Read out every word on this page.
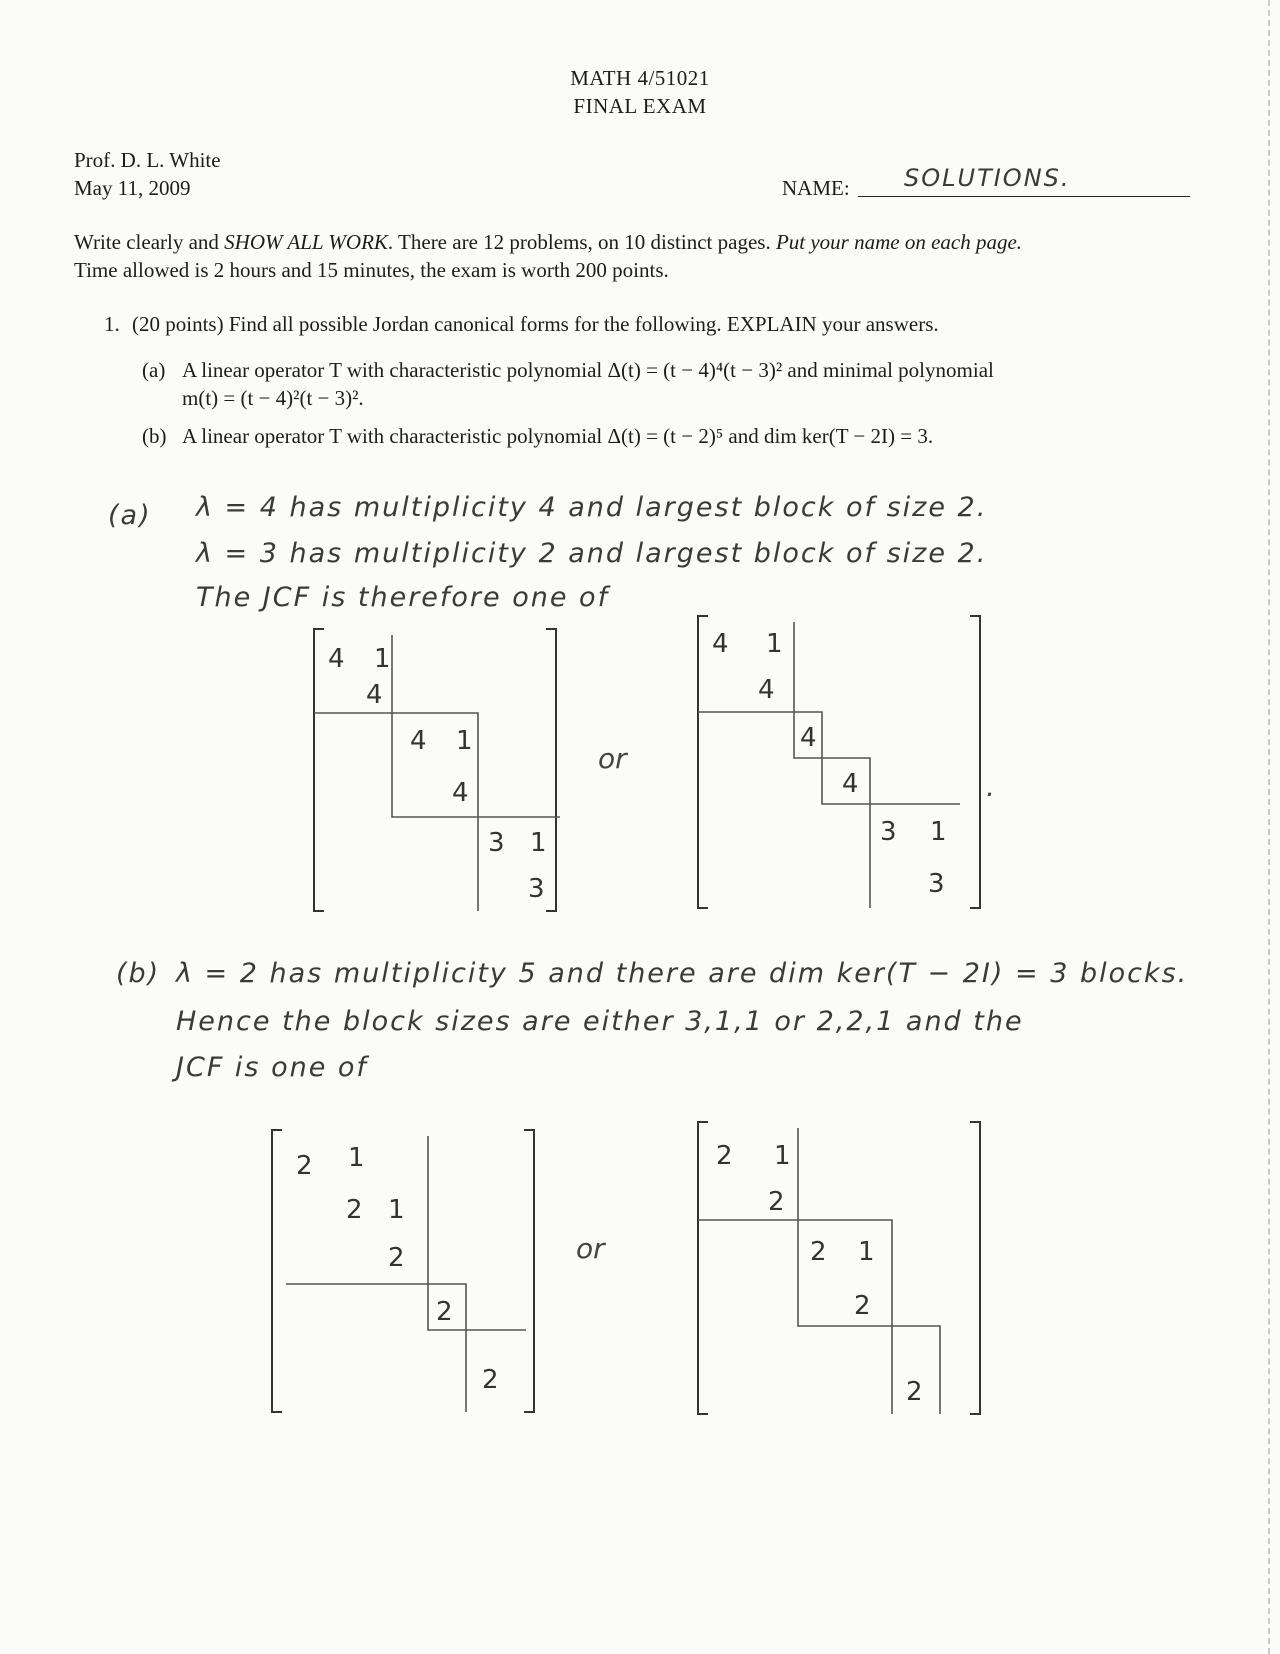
MATH 4/51021
FINAL EXAM
Prof. D. L. White
May 11, 2009	NAME: SOLUTIONS.
Write clearly and SHOW ALL WORK. There are 12 problems, on 10 distinct pages. Put your name on each page.
Time allowed is 2 hours and 15 minutes, the exam is worth 200 points.
1. (20 points) Find all possible Jordan canonical forms for the following. EXPLAIN your answers.
(a) A linear operator T with characteristic polynomial Δ(t) = (t − 4)⁴(t − 3)² and minimal polynomial
m(t) = (t − 4)²(t − 3)².
(b) A linear operator T with characteristic polynomial Δ(t) = (t − 2)⁵ and dim ker(T − 2I) = 3.
(a) λ = 4 has multiplicity 4 and largest block of size 2.
λ = 3 has multiplicity 2 and largest block of size 2.
The JCF is therefore one of
4 1
4
4 1
4
3 1
3
or
4 1
4
4
4
3 1
3
.
(b) λ = 2 has multiplicity 5 and there are dim ker(T − 2I) = 3 blocks.
Hence the block sizes are either 3,1,1 or 2,2,1 and the
JCF is one of
2 1
2 1
2
2
2
or
2 1
2
2 1
2
2
